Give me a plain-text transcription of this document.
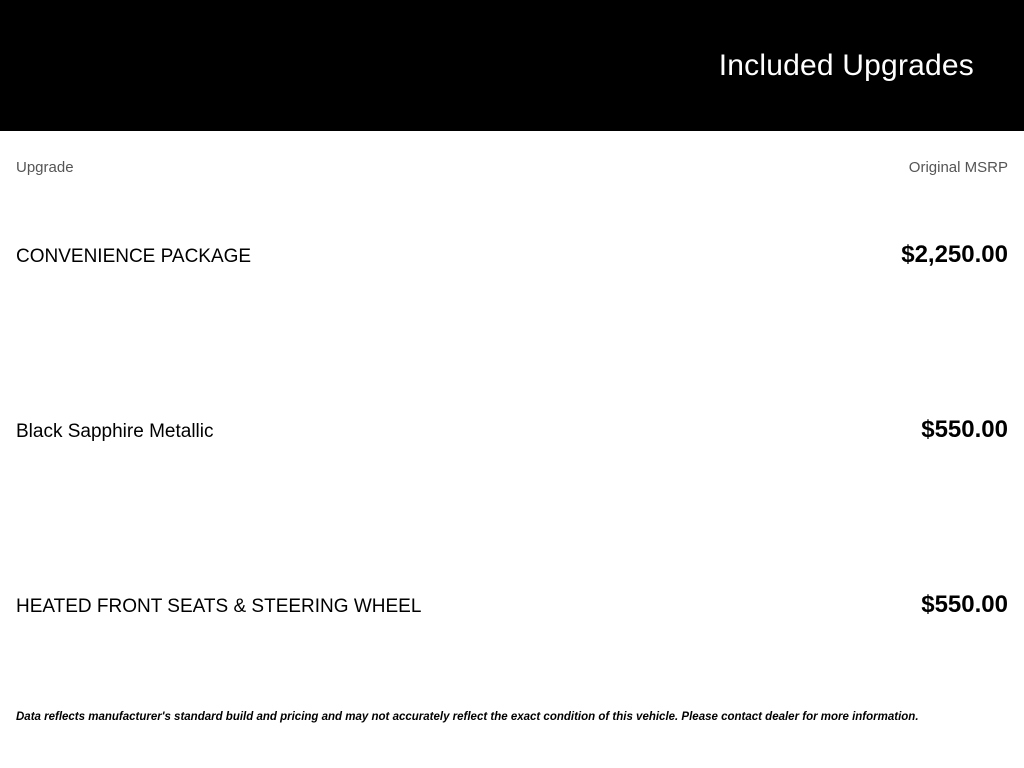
Included Upgrades
Upgrade	Original MSRP
CONVENIENCE PACKAGE	$2,250.00
Black Sapphire Metallic	$550.00
HEATED FRONT SEATS & STEERING WHEEL	$550.00
Data reflects manufacturer's standard build and pricing and may not accurately reflect the exact condition of this vehicle. Please contact dealer for more information.
